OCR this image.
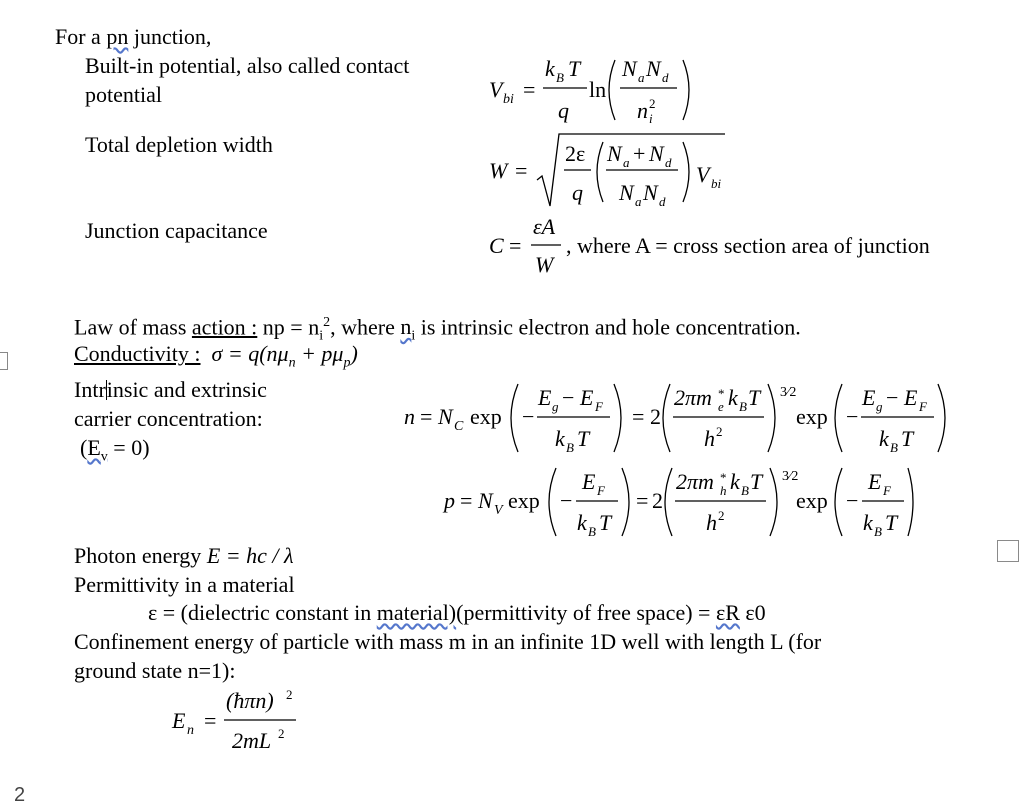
For a pn junction,
Built-in potential, also called contact
potential	V bi =
k B T
q
ln
N a N d
n 2
i
Total depletion width
W =
2ε
q
N a + N d
N a N d
V bi
Junction capacitance
C =
εA
W
, where A = cross section area of junction
Law of mass action : np = $n_i^2$, where $n_i$ is intrinsic electron and hole concentration.
Conductivity : $\sigma = q(n\mu_n + p\mu_p)$
Intrinsic and extrinsic
carrier concentration:
$(E_v = 0)$
n = N C exp −
E g − E F
k B T
= 2
2πm *
e k B T
h 2
3⁄2
exp −
E g − E F
k B T
p = N V exp −
E F
k B T
= 2
2πm *
h k B T
h 2
3⁄2
exp −
E F
k B T
Photon energy E = hc / λ
Permittivity in a material
ε = (dielectric constant in material)(permittivity of free space) = εR ε0
Confinement energy of particle with mass m in an infinite 1D well with length L (for
ground state n=1):
E n =
(ħπn) 2
2mL 2
2
